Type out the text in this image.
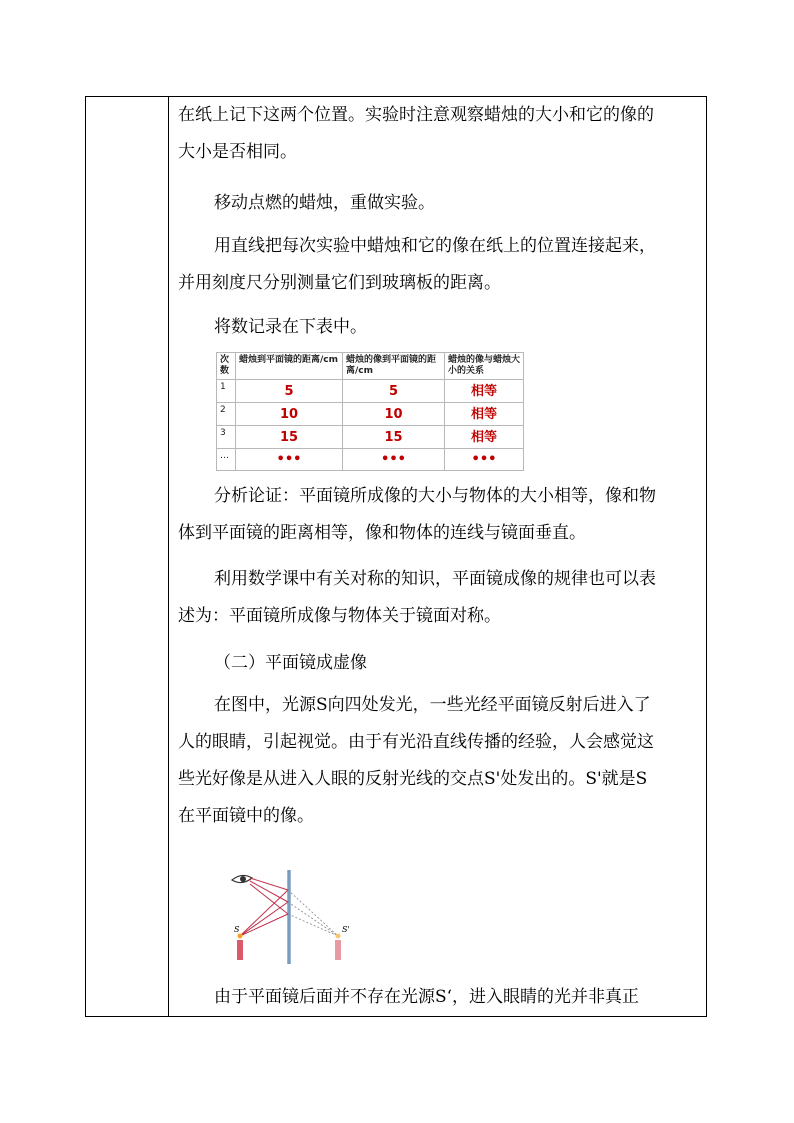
在纸上记下这两个位置。实验时注意观察蜡烛的大小和它的像的
大小是否相同。

移动点燃的蜡烛，重做实验。

用直线把每次实验中蜡烛和它的像在纸上的位置连接起来，
并用刻度尺分别测量它们到玻璃板的距离。

将数记录在下表中。

分析论证：平面镜所成像的大小与物体的大小相等，像和物
体到平面镜的距离相等，像和物体的连线与镜面垂直。

利用数学课中有关对称的知识，平面镜成像的规律也可以表
述为：平面镜所成像与物体关于镜面对称。

（二）平面镜成虚像

在图中，光源S向四处发光，一些光经平面镜反射后进入了
人的眼睛，引起视觉。由于有光沿直线传播的经验，人会感觉这
些光好像是从进入人眼的反射光线的交点S'处发出的。S'就是S
在平面镜中的像。

由于平面镜后面并不存在光源S‘，进入眼睛的光并非真正

次数	蜡烛到平面镜的距离/cm	蜡烛的像到平面镜的距离/cm	蜡烛的像与蜡烛大小的关系
1	5	5	相等
2	10	10	相等
3	15	15	相等
…	•••	•••	•••
S	S'
